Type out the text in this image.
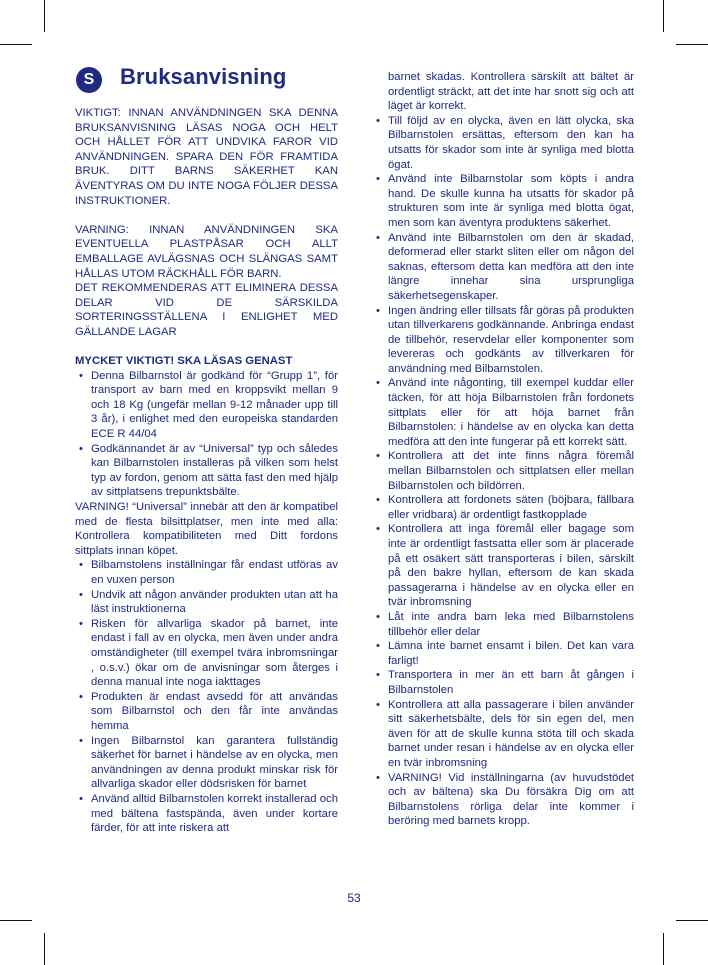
S	Bruksanvisning

VIKTIGT: INNAN ANVÄNDNINGEN SKA DENNA BRUKSANVISNING LÄSAS NOGA OCH HELT OCH HÅLLET FÖR ATT UNDVIKA FAROR VID ANVÄNDNINGEN. SPARA DEN FÖR FRAMTIDA BRUK. DITT BARNS SÄKERHET KAN ÄVENTYRAS OM DU INTE NOGA FÖLJER DESSA INSTRUKTIONER.

VARNING: INNAN ANVÄNDNINGEN SKA EVENTUELLA PLASTPÅSAR OCH ALLT EMBALLAGE AVLÄGSNAS OCH SLÄNGAS SAMT HÅLLAS UTOM RÄCKHÅLL FÖR BARN.

DET REKOMMENDERAS ATT ELIMINERA DESSA DELAR VID DE SÄRSKILDA SORTERINGSSTÄLLENA I ENLIGHET MED GÄLLANDE LAGAR

MYCKET VIKTIGT! SKA LÄSAS GENAST

• Denna Bilbarnstol är godkänd för “Grupp 1”, för transport av barn med en kroppsvikt mellan 9 och 18 Kg (ungefär mellan 9-12 månader upp till 3 år), i enlighet med den europeiska standarden ECE R 44/04
• Godkännandet är av “Universal” typ och således kan Bilbarnstolen installeras på vilken som helst typ av fordon, genom att sätta fast den med hjälp av sittplatsens trepunktsbälte.

VARNING! “Universal” innebär att den är kompatibel med de flesta bilsittplatser, men inte med alla: Kontrollera kompatibiliteten med Ditt fordons sittplats innan köpet.

• Bilbarnstolens inställningar får endast utföras av en vuxen person
• Undvik att någon använder produkten utan att ha läst instruktionerna
• Risken för allvarliga skador på barnet, inte endast i fall av en olycka, men även under andra omständigheter (till exempel tvära inbromsningar , o.s.v.) ökar om de anvisningar som återges i denna manual inte noga iakttages
• Produkten är endast avsedd för att användas som Bilbarnstol och den får inte användas hemma
• Ingen Bilbarnstol kan garantera fullständig säkerhet för barnet i händelse av en olycka, men användningen av denna produkt minskar risk för allvarliga skador eller dödsrisken för barnet
• Använd alltid Bilbarnstolen korrekt installerad och med bältena fastspända, även under kortare färder, för att inte riskera att

barnet skadas. Kontrollera särskilt att bältet är ordentligt sträckt, att det inte har snott sig och att läget är korrekt.

• Till följd av en olycka, även en lätt olycka, ska Bilbarnstolen ersättas, eftersom den kan ha utsatts för skador som inte är synliga med blotta ögat.
• Använd inte Bilbarnstolar som köpts i andra hand. De skulle kunna ha utsatts för skador på strukturen som inte är synliga med blotta ögat, men som kan äventyra produktens säkerhet.
• Använd inte Bilbarnstolen om den är skadad, deformerad eller starkt sliten eller om någon del saknas, eftersom detta kan medföra att den inte längre innehar sina ursprungliga säkerhetsegenskaper.
• Ingen ändring eller tillsats får göras på produkten utan tillverkarens godkännande. Anbringa endast de tillbehör, reservdelar eller komponenter som levereras och godkänts av tillverkaren för användning med Bilbarnstolen.
• Använd inte någonting, till exempel kuddar eller täcken, för att höja Bilbarnstolen från fordonets sittplats eller för att höja barnet från Bilbarnstolen: i händelse av en olycka kan detta medföra att den inte fungerar på ett korrekt sätt.
• Kontrollera att det inte finns några föremål mellan Bilbarnstolen och sittplatsen eller mellan Bilbarnstolen och bildörren.
• Kontrollera att fordonets säten (böjbara, fällbara eller vridbara) är ordentligt fastkopplade
• Kontrollera att inga föremål eller bagage som inte är ordentligt fastsatta eller som är placerade på ett osäkert sätt transporteras i bilen, särskilt på den bakre hyllan, eftersom de kan skada passagerarna i händelse av en olycka eller en tvär inbromsning
• Låt inte andra barn leka med Bilbarnstolens tillbehör eller delar
• Lämna inte barnet ensamt i bilen. Det kan vara farligt!
• Transportera in mer än ett barn åt gången i Bilbarnstolen
• Kontrollera att alla passagerare i bilen använder sitt säkerhetsbälte, dels för sin egen del, men även för att de skulle kunna stöta till och skada barnet under resan i händelse av en olycka eller en tvär inbromsning
• VARNING! Vid inställningarna (av huvudstödet och av bältena) ska Du försäkra Dig om att Bilbarnstolens rörliga delar inte kommer i beröring med barnets kropp.
53
